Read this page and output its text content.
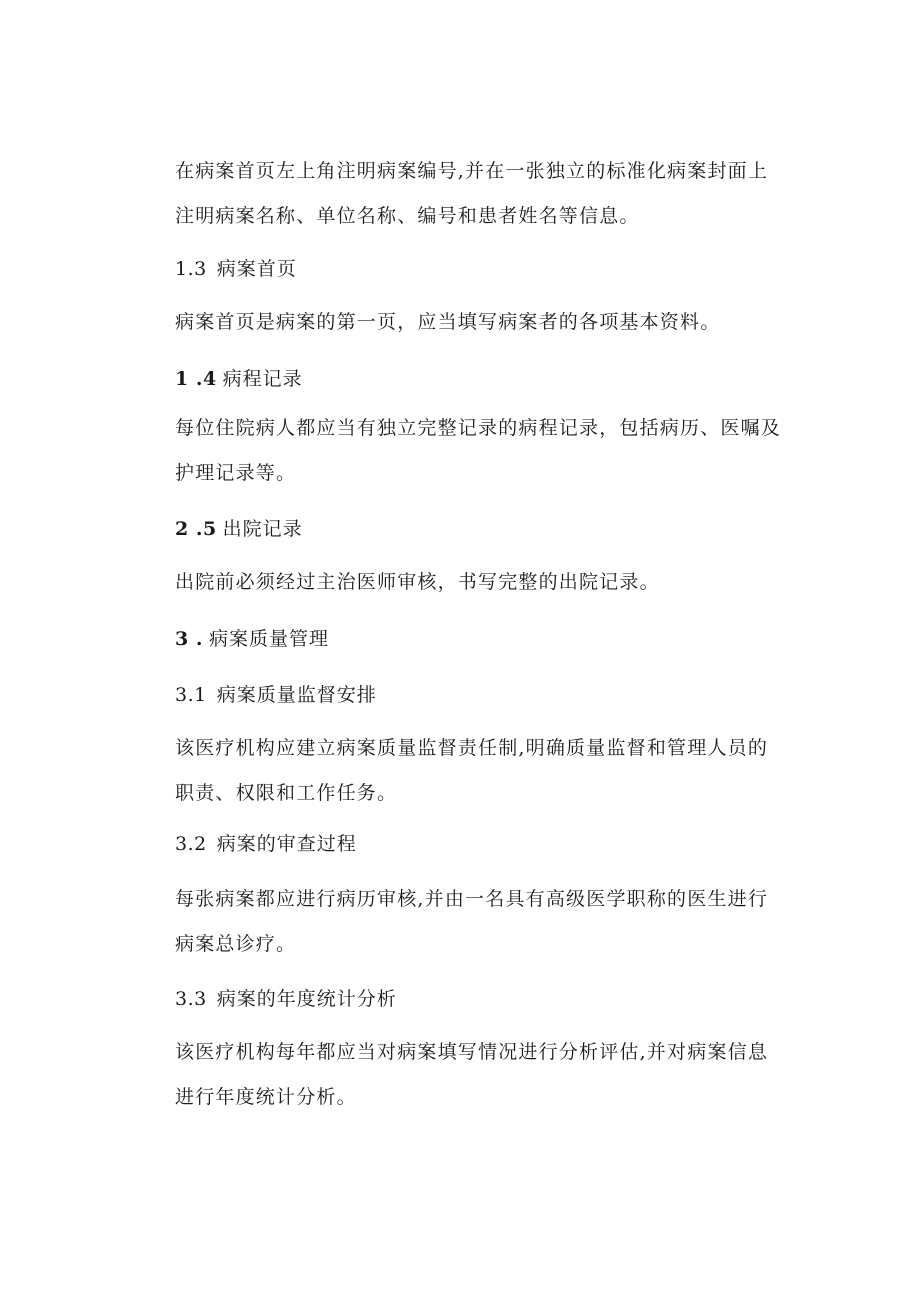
在病案首页左上角注明病案编号,并在一张独立的标准化病案封面上
注明病案名称、单位名称、编号和患者姓名等信息。
1.3 病案首页
病案首页是病案的第一页，应当填写病案者的各项基本资料。
1 .4 病程记录
每位住院病人都应当有独立完整记录的病程记录，包括病历、医嘱及
护理记录等。
2 .5 出院记录
出院前必须经过主治医师审核，书写完整的出院记录。
3 . 病案质量管理
3.1 病案质量监督安排
该医疗机构应建立病案质量监督责任制,明确质量监督和管理人员的
职责、权限和工作任务。
3.2 病案的审查过程
每张病案都应进行病历审核,并由一名具有高级医学职称的医生进行
病案总诊疗。
3.3 病案的年度统计分析
该医疗机构每年都应当对病案填写情况进行分析评估,并对病案信息
进行年度统计分析。
